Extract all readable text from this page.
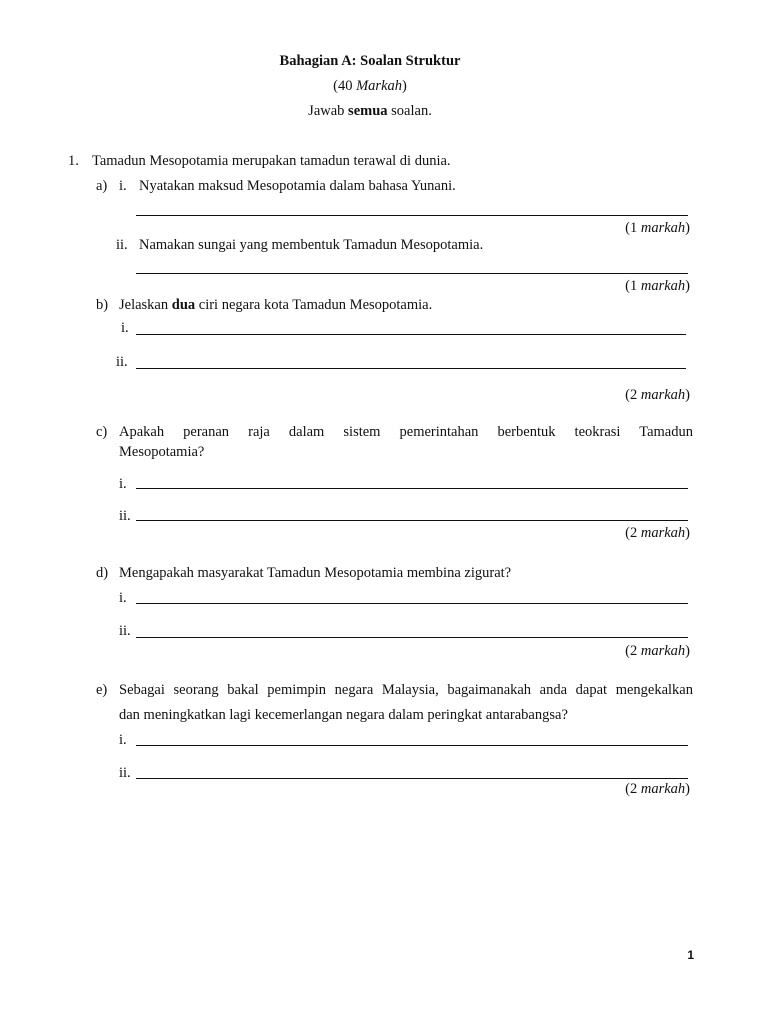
Bahagian A: Soalan Struktur
(40 Markah)
Jawab semua soalan.
1. Tamadun Mesopotamia merupakan tamadun terawal di dunia.
a) i. Nyatakan maksud Mesopotamia dalam bahasa Yunani.
(1 markah)
ii. Namakan sungai yang membentuk Tamadun Mesopotamia.
(1 markah)
b) Jelaskan dua ciri negara kota Tamadun Mesopotamia.
i.
ii.
(2 markah)
c) Apakah peranan raja dalam sistem pemerintahan berbentuk teokrasi Tamadun
Mesopotamia?
i.
ii.
(2 markah)
d) Mengapakah masyarakat Tamadun Mesopotamia membina zigurat?
i.
ii.
(2 markah)
e) Sebagai seorang bakal pemimpin negara Malaysia, bagaimanakah anda dapat mengekalkan
dan meningkatkan lagi kecemerlangan negara dalam peringkat antarabangsa?
i.
ii.
(2 markah)
1
